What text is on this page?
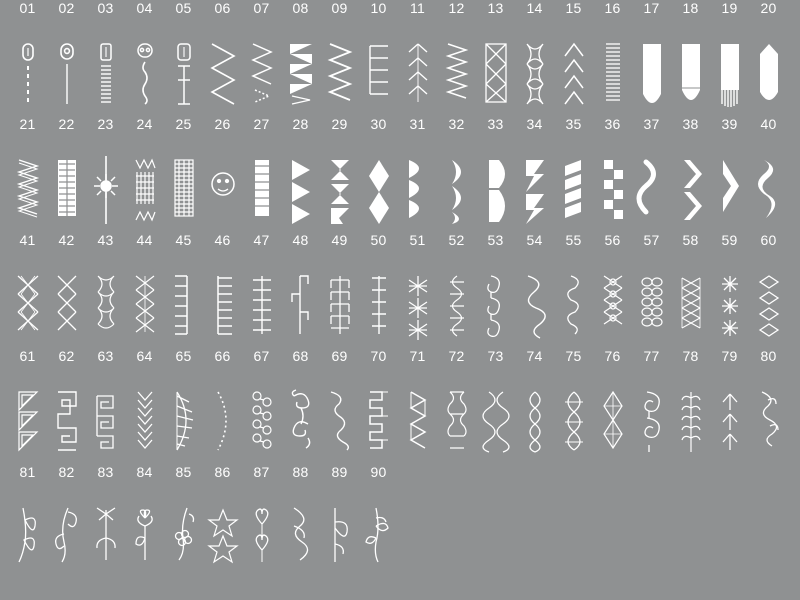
01 02 03 04 05 06 07 08 09 10 11 12 13 14 15 16 17 18 19 20
21 22 23 24 25 26 27 28 29 30 31 32 33 34 35 36 37 38 39 40
41 42 43 44 45 46 47 48 49 50 51 52 53 54 55 56 57 58 59 60
61 62 63 64 65 66 67 68 69 70 71 72 73 74 75 76 77 78 79 80
81 82 83 84 85 86 87 88 89 90
